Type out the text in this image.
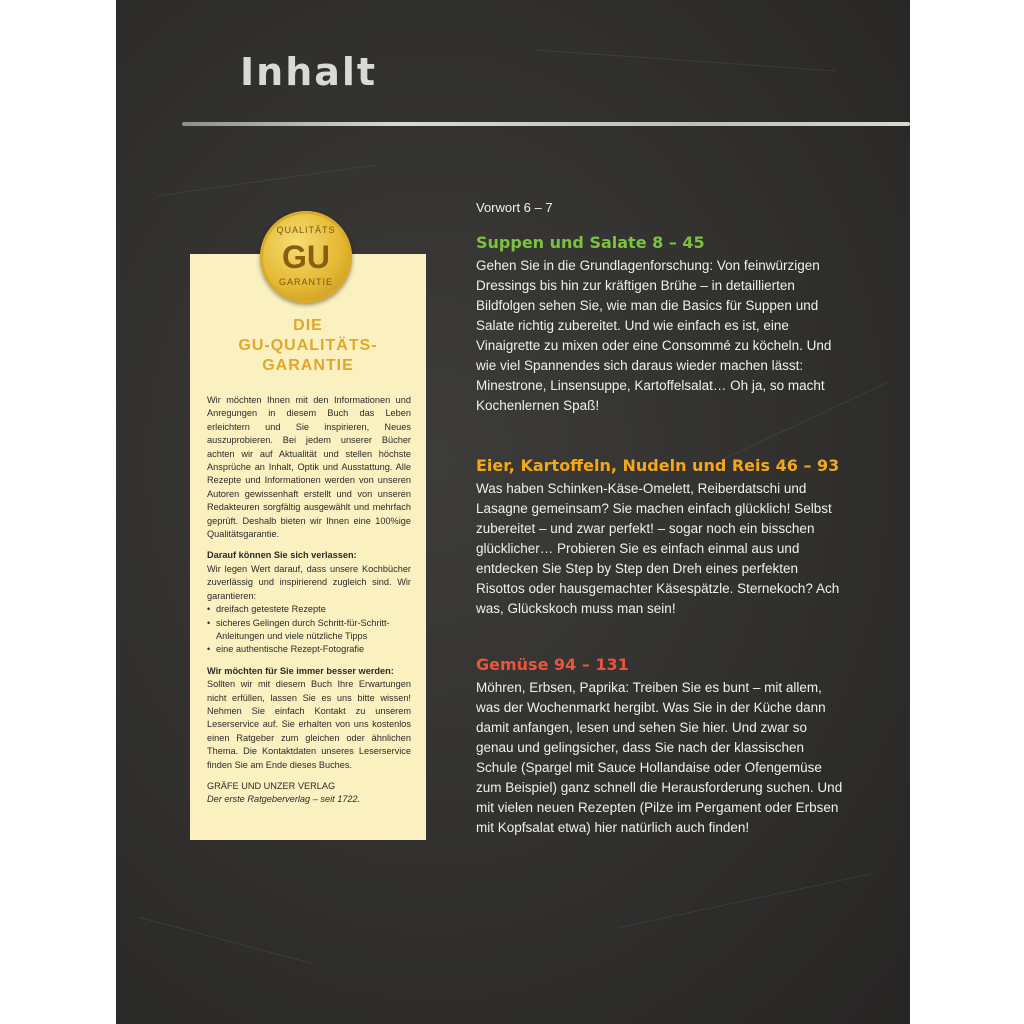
Inhalt
QUALITÄTS
GU
GARANTIE
DIE
GU-QUALITÄTS-
GARANTIE

Wir möchten Ihnen mit den Informationen und Anregungen in diesem Buch das Leben erleichtern und Sie inspirieren, Neues auszuprobieren. Bei jedem unserer Bücher achten wir auf Aktualität und stellen höchste Ansprüche an Inhalt, Optik und Ausstattung. Alle Rezepte und Informationen werden von unseren Autoren gewissenhaft erstellt und von unseren Redakteuren sorgfältig ausgewählt und mehrfach geprüft. Deshalb bieten wir Ihnen eine 100%ige Qualitätsgarantie.

Darauf können Sie sich verlassen:

Wir legen Wert darauf, dass unsere Kochbücher zuverlässig und inspirierend zugleich sind. Wir garantieren:

• dreifach getestete Rezepte
• sicheres Gelingen durch Schritt-für-Schritt-Anleitungen und viele nützliche Tipps
• eine authentische Rezept-Fotografie

Wir möchten für Sie immer besser werden:

Sollten wir mit diesem Buch Ihre Erwartungen nicht erfüllen, lassen Sie es uns bitte wissen! Nehmen Sie einfach Kontakt zu unserem Leserservice auf. Sie erhalten von uns kostenlos einen Ratgeber zum gleichen oder ähnlichen Thema. Die Kontaktdaten unseres Leserservice finden Sie am Ende dieses Buches.

GRÄFE UND UNZER VERLAG

Der erste Ratgeberverlag – seit 1722.

Vorwort 6 – 7
Suppen und Salate 8 – 45
Gehen Sie in die Grundlagenforschung: Von feinwürzigen Dressings bis hin zur kräftigen Brühe – in detaillierten Bildfolgen sehen Sie, wie man die Basics für Suppen und Salate richtig zubereitet. Und wie einfach es ist, eine Vinaigrette zu mixen oder eine Consommé zu köcheln. Und wie viel Spannendes sich daraus wieder machen lässt: Minestrone, Linsensuppe, Kartoffelsalat… Oh ja, so macht Kochenlernen Spaß!
Eier, Kartoffeln, Nudeln und Reis 46 – 93
Was haben Schinken-Käse-Omelett, Reiberdatschi und Lasagne gemeinsam? Sie machen einfach glücklich! Selbst zubereitet – und zwar perfekt! – sogar noch ein bisschen glücklicher… Probieren Sie es einfach einmal aus und entdecken Sie Step by Step den Dreh eines perfekten Risottos oder hausgemachter Käsespätzle. Sternekoch? Ach was, Glückskoch muss man sein!
Gemüse 94 – 131
Möhren, Erbsen, Paprika: Treiben Sie es bunt – mit allem, was der Wochenmarkt hergibt. Was Sie in der Küche dann damit anfangen, lesen und sehen Sie hier. Und zwar so genau und gelingsicher, dass Sie nach der klassischen Schule (Spargel mit Sauce Hollandaise oder Ofengemüse zum Beispiel) ganz schnell die Herausforderung suchen. Und mit vielen neuen Rezepten (Pilze im Pergament oder Erbsen mit Kopfsalat etwa) hier natürlich auch finden!
